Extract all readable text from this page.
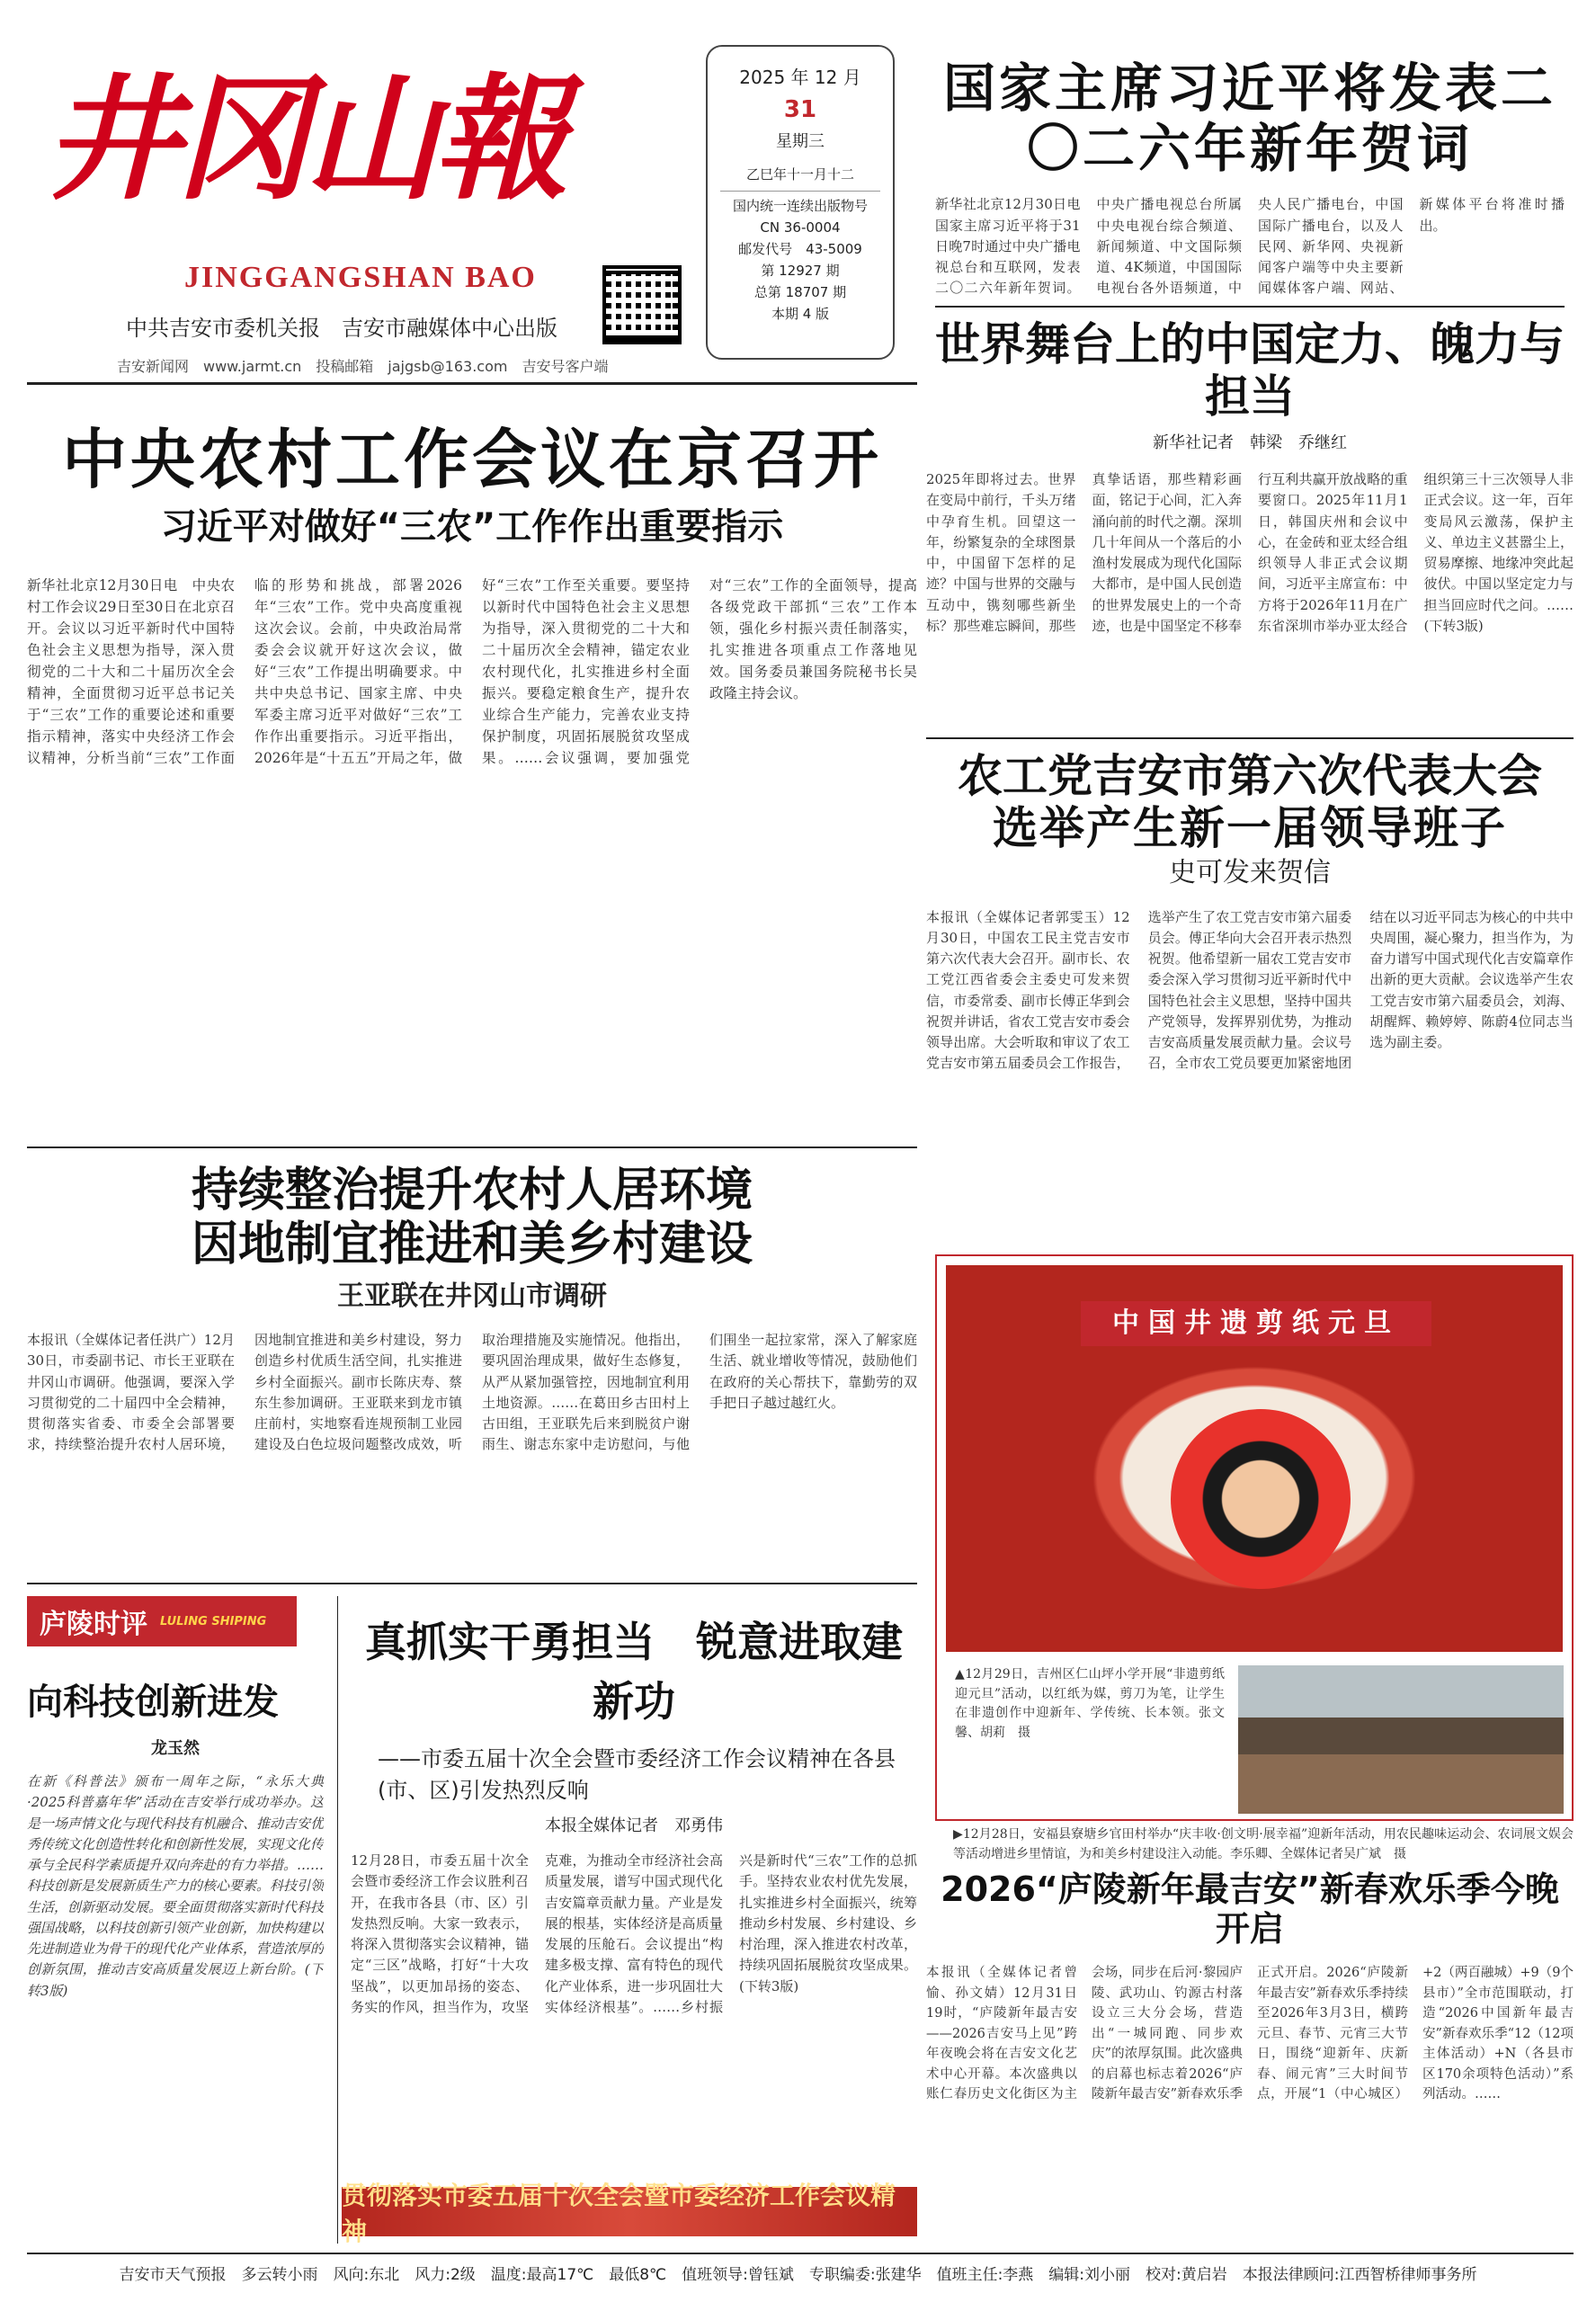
井冈山報
JINGGANGSHAN BAO
中共吉安市委机关报　吉安市融媒体中心出版
吉安新闻网　www.jarmt.cn　投稿邮箱　jajgsb@163.com　吉安号客户端
2025 年 12 月
31
星期三
乙巳年十一月十二
国内统一连续出版物号
CN 36-0004
邮发代号　43-5009
第 12927 期
总第 18707 期
本期 4 版
国家主席习近平将发表二〇二六年新年贺词
新华社北京12月30日电　国家主席习近平将于31日晚7时通过中央广播电视总台和互联网，发表二〇二六年新年贺词。中央广播电视总台所属中央电视台综合频道、新闻频道、中文国际频道、4K频道，中国国际电视台各外语频道，中央人民广播电台，中国国际广播电台，以及人民网、新华网、央视新闻客户端等中央主要新闻媒体客户端、网站、新媒体平台将准时播出。
世界舞台上的中国定力、魄力与担当
新华社记者　韩梁　乔继红
2025年即将过去。世界在变局中前行，千头万绪中孕育生机。回望这一年，纷繁复杂的全球图景中，中国留下怎样的足迹？中国与世界的交融与互动中，镌刻哪些新坐标？那些难忘瞬间，那些真挚话语，那些精彩画面，铭记于心间，汇入奔涌向前的时代之潮。深圳几十年间从一个落后的小渔村发展成为现代化国际大都市，是中国人民创造的世界发展史上的一个奇迹，也是中国坚定不移奉行互利共赢开放战略的重要窗口。2025年11月1日，韩国庆州和会议中心，在金砖和亚太经合组织领导人非正式会议期间，习近平主席宣布：中方将于2026年11月在广东省深圳市举办亚太经合组织第三十三次领导人非正式会议。这一年，百年变局风云激荡，保护主义、单边主义甚嚣尘上，贸易摩擦、地缘冲突此起彼伏。中国以坚定定力与担当回应时代之问。……(下转3版)
中央农村工作会议在京召开
习近平对做好“三农”工作作出重要指示
新华社北京12月30日电　中央农村工作会议29日至30日在北京召开。会议以习近平新时代中国特色社会主义思想为指导，深入贯彻党的二十大和二十届历次全会精神，全面贯彻习近平总书记关于“三农”工作的重要论述和重要指示精神，落实中央经济工作会议精神，分析当前“三农”工作面临的形势和挑战，部署2026年“三农”工作。党中央高度重视这次会议。会前，中央政治局常委会会议就开好这次会议，做好“三农”工作提出明确要求。中共中央总书记、国家主席、中央军委主席习近平对做好“三农”工作作出重要指示。习近平指出，2026年是“十五五”开局之年，做好“三农”工作至关重要。要坚持以新时代中国特色社会主义思想为指导，深入贯彻党的二十大和二十届历次全会精神，锚定农业农村现代化，扎实推进乡村全面振兴。要稳定粮食生产，提升农业综合生产能力，完善农业支持保护制度，巩固拓展脱贫攻坚成果。……会议强调，要加强党对“三农”工作的全面领导，提高各级党政干部抓“三农”工作本领，强化乡村振兴责任制落实，扎实推进各项重点工作落地见效。国务委员兼国务院秘书长吴政隆主持会议。
农工党吉安市第六次代表大会
选举产生新一届领导班子
史可发来贺信
本报讯（全媒体记者郭雯玉）12月30日，中国农工民主党吉安市第六次代表大会召开。副市长、农工党江西省委会主委史可发来贺信，市委常委、副市长傅正华到会祝贺并讲话，省农工党吉安市委会领导出席。大会听取和审议了农工党吉安市第五届委员会工作报告，选举产生了农工党吉安市第六届委员会。傅正华向大会召开表示热烈祝贺。他希望新一届农工党吉安市委会深入学习贯彻习近平新时代中国特色社会主义思想，坚持中国共产党领导，发挥界别优势，为推动吉安高质量发展贡献力量。会议号召，全市农工党员要更加紧密地团结在以习近平同志为核心的中共中央周围，凝心聚力，担当作为，为奋力谱写中国式现代化吉安篇章作出新的更大贡献。会议选举产生农工党吉安市第六届委员会，刘海、胡醒辉、赖婷婷、陈蔚4位同志当选为副主委。
持续整治提升农村人居环境
因地制宜推进和美乡村建设
王亚联在井冈山市调研
本报讯（全媒体记者任洪广）12月30日，市委副书记、市长王亚联在井冈山市调研。他强调，要深入学习贯彻党的二十届四中全会精神，贯彻落实省委、市委全会部署要求，持续整治提升农村人居环境，因地制宜推进和美乡村建设，努力创造乡村优质生活空间，扎实推进乡村全面振兴。副市长陈庆寿、蔡东生参加调研。王亚联来到龙市镇庄前村，实地察看连规预制工业园建设及白色垃圾问题整改成效，听取治理措施及实施情况。他指出，要巩固治理成果，做好生态修复，从严从紧加强管控，因地制宜利用土地资源。……在葛田乡古田村上古田组，王亚联先后来到脱贫户谢雨生、谢志东家中走访慰问，与他们围坐一起拉家常，深入了解家庭生活、就业增收等情况，鼓励他们在政府的关心帮扶下，靠勤劳的双手把日子越过越红火。
庐陵时评 LULING SHIPING
向科技创新进发
龙玉然
在新《科普法》颁布一周年之际，“永乐大典·2025科普嘉年华”活动在吉安举行成功举办。这是一场声情文化与现代科技有机融合、推动吉安优秀传统文化创造性转化和创新性发展，实现文化传承与全民科学素质提升双向奔赴的有力举措。……科技创新是发展新质生产力的核心要素。科技引领生活，创新驱动发展。要全面贯彻落实新时代科技强国战略，以科技创新引领产业创新，加快构建以先进制造业为骨干的现代化产业体系，营造浓厚的创新氛围，推动吉安高质量发展迈上新台阶。(下转3版)
真抓实干勇担当　锐意进取建新功
——市委五届十次全会暨市委经济工作会议精神在各县(市、区)引发热烈反响
本报全媒体记者　邓勇伟
12月28日，市委五届十次全会暨市委经济工作会议胜利召开，在我市各县（市、区）引发热烈反响。大家一致表示，将深入贯彻落实会议精神，锚定“三区”战略，打好“十大攻坚战”，以更加昂扬的姿态、务实的作风，担当作为，攻坚克难，为推动全市经济社会高质量发展，谱写中国式现代化吉安篇章贡献力量。产业是发展的根基，实体经济是高质量发展的压舱石。会议提出“构建多极支撑、富有特色的现代化产业体系，进一步巩固壮大实体经济根基”。……乡村振兴是新时代“三农”工作的总抓手。坚持农业农村优先发展，扎实推进乡村全面振兴，统筹推动乡村发展、乡村建设、乡村治理，深入推进农村改革，持续巩固拓展脱贫攻坚成果。(下转3版)
贯彻落实市委五届十次全会暨市委经济工作会议精神
中国井遗剪纸元旦
▲12月29日，吉州区仁山坪小学开展“非遗剪纸迎元旦”活动，以红纸为媒，剪刀为笔，让学生在非遗创作中迎新年、学传统、长本领。张文馨、胡莉　摄
▶12月28日，安福县寮塘乡官田村举办“庆丰收·创文明·展幸福”迎新年活动，用农民趣味运动会、农词展文娱会等活动增进乡里情谊，为和美乡村建设注入动能。李乐卿、全媒体记者吴广斌　摄
2026“庐陵新年最吉安”新春欢乐季今晚开启
本报讯（全媒体记者曾愉、孙文婧）12月31日19时，“庐陵新年最吉安——2026吉安马上见”跨年夜晚会将在吉安文化艺术中心开幕。本次盛典以账仁春历史文化街区为主会场，同步在后河·黎园庐陵、武功山、钓源古村落设立三大分会场，营造出“一城同跑、同步欢庆”的浓厚氛围。此次盛典的启幕也标志着2026“庐陵新年最吉安”新春欢乐季正式开启。2026“庐陵新年最吉安”新春欢乐季持续至2026年3月3日，横跨元旦、春节、元宵三大节日，围绕“迎新年、庆新春、闹元宵”三大时间节点，开展“1（中心城区）+2（两百融城）+9（9个县市）”全市范围联动，打造“2026中国新年最吉安”新春欢乐季“12（12项主体活动）+N（各县市区170余项特色活动）”系列活动。……
吉安市天气预报　多云转小雨　风向:东北　风力:2级　温度:最高17℃　最低8℃　值班领导:曾钰斌　专职编委:张建华　值班主任:李燕　编辑:刘小丽　校对:黄启岩　本报法律顾问:江西智桥律师事务所
